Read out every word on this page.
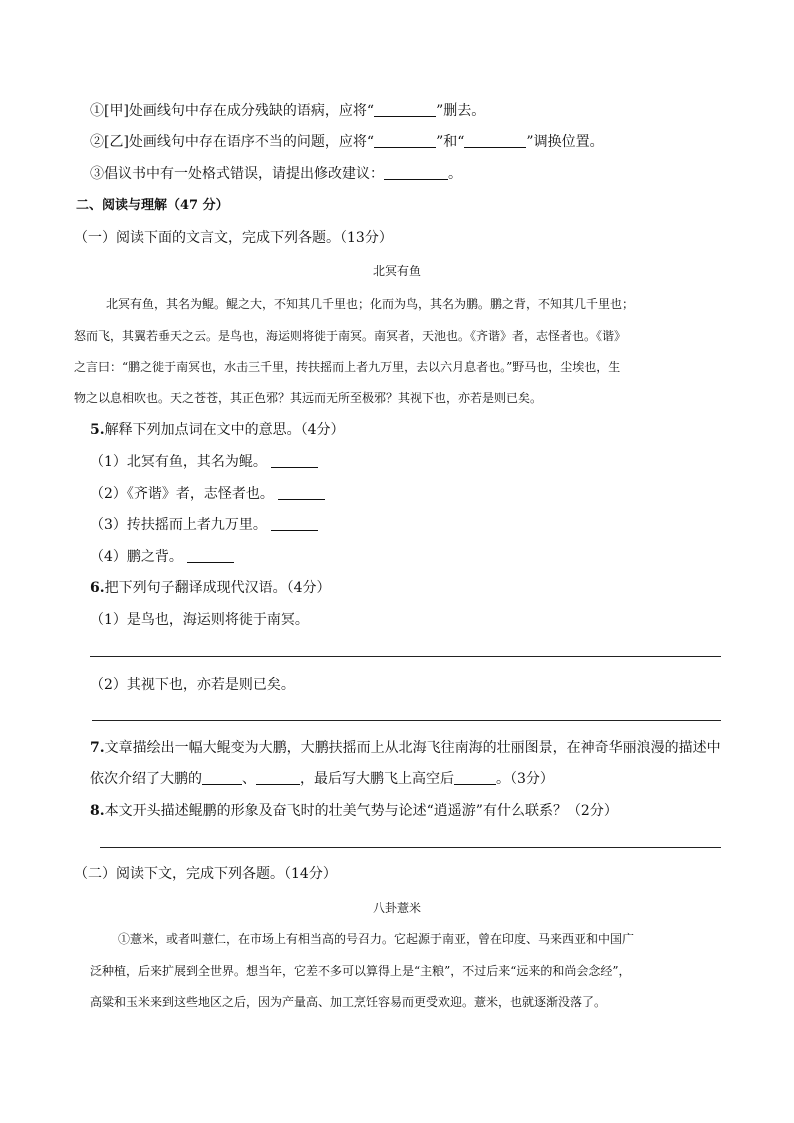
①[甲]处画线句中存在成分残缺的语病，应将“	”删去。
②[乙]处画线句中存在语序不当的问题，应将“	”和“	”调换位置。
③倡议书中有一处格式错误，请提出修改建议：	。
二、阅读与理解（47 分）
（一）阅读下面的文言文，完成下列各题。（13分）
北冥有鱼
北冥有鱼，其名为鲲。鲲之大，不知其几千里也；化而为鸟，其名为鹏。鹏之背，不知其几千里也；
怒而飞，其翼若垂天之云。是鸟也，海运则将徙于南冥。南冥者，天池也。《齐谐》者，志怪者也。《谐》
之言曰：“鹏之徙于南冥也，水击三千里，抟扶摇而上者九万里，去以六月息者也。”野马也，尘埃也，生
物之以息相吹也。天之苍苍，其正色邪？其远而无所至极邪？其视下也，亦若是则已矣。
5.解释下列加点词在文中的意思。（4分）
（1）北冥有鱼，其名为鲲。
（2）《齐谐》者，志怪者也。
（3）抟扶摇而上者九万里。
（4）鹏之背。
6.把下列句子翻译成现代汉语。（4分）
（1）是鸟也，海运则将徙于南冥。
（2）其视下也，亦若是则已矣。
7.文章描绘出一幅大鲲变为大鹏，大鹏扶摇而上从北海飞往南海的壮丽图景，在神奇华丽浪漫的描述中
依次介绍了大鹏的	、	，最后写大鹏飞上高空后	。（3分）
8.本文开头描述鲲鹏的形象及奋飞时的壮美气势与论述“逍遥游”有什么联系？（2分）
（二）阅读下文，完成下列各题。（14分）
八卦薏米
①薏米，或者叫薏仁，在市场上有相当高的号召力。它起源于南亚，曾在印度、马来西亚和中国广
泛种植，后来扩展到全世界。想当年，它差不多可以算得上是“主粮”，不过后来“远来的和尚会念经”，
高粱和玉米来到这些地区之后，因为产量高、加工烹饪容易而更受欢迎。薏米，也就逐渐没落了。
